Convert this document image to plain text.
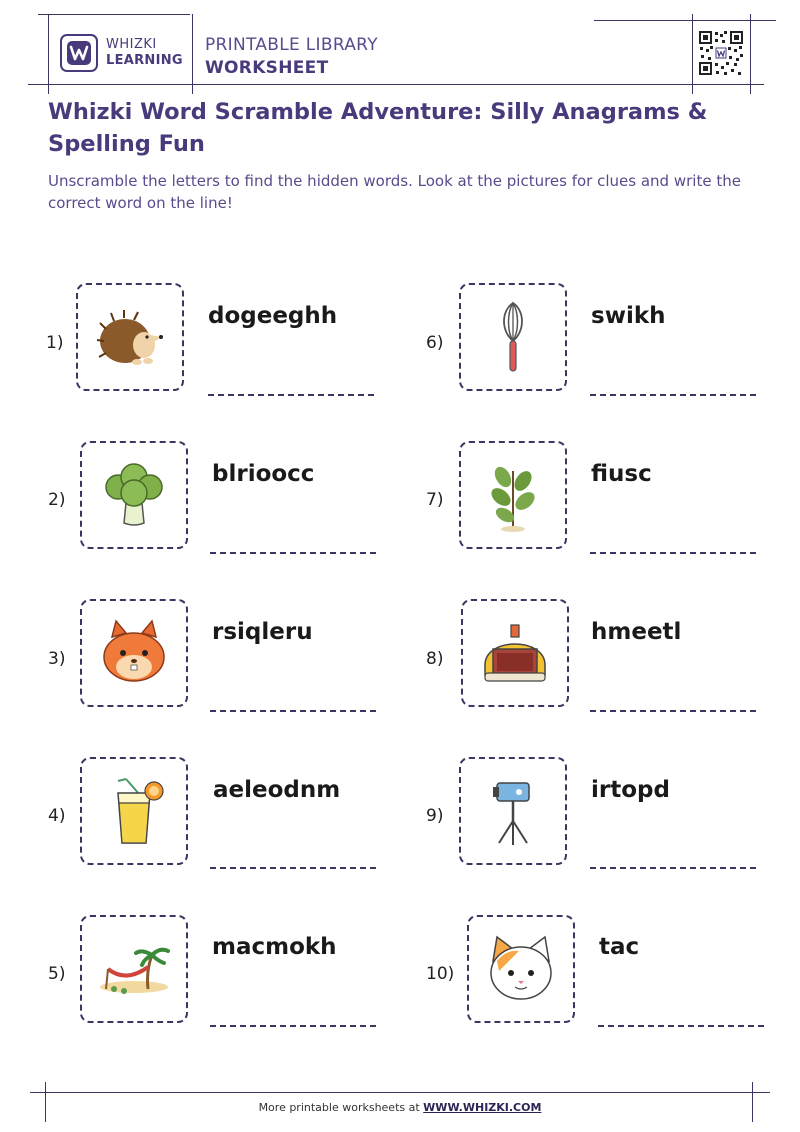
WHIZKI
LEARNING
PRINTABLE LIBRARY
WORKSHEET
Whizki Word Scramble Adventure: Silly Anagrams & Spelling Fun
Unscramble the letters to find the hidden words. Look at the pictures for clues and write the correct word on the line!
1)
dogeeghh
2)
blrioocc
3)
rsiqleru
4)
aeleodnm
5)
macmokh
6)
swikh
7)
fiusc
8)
hmeetl
9)
irtopd
10)
tac
More printable worksheets at WWW.WHIZKI.COM
